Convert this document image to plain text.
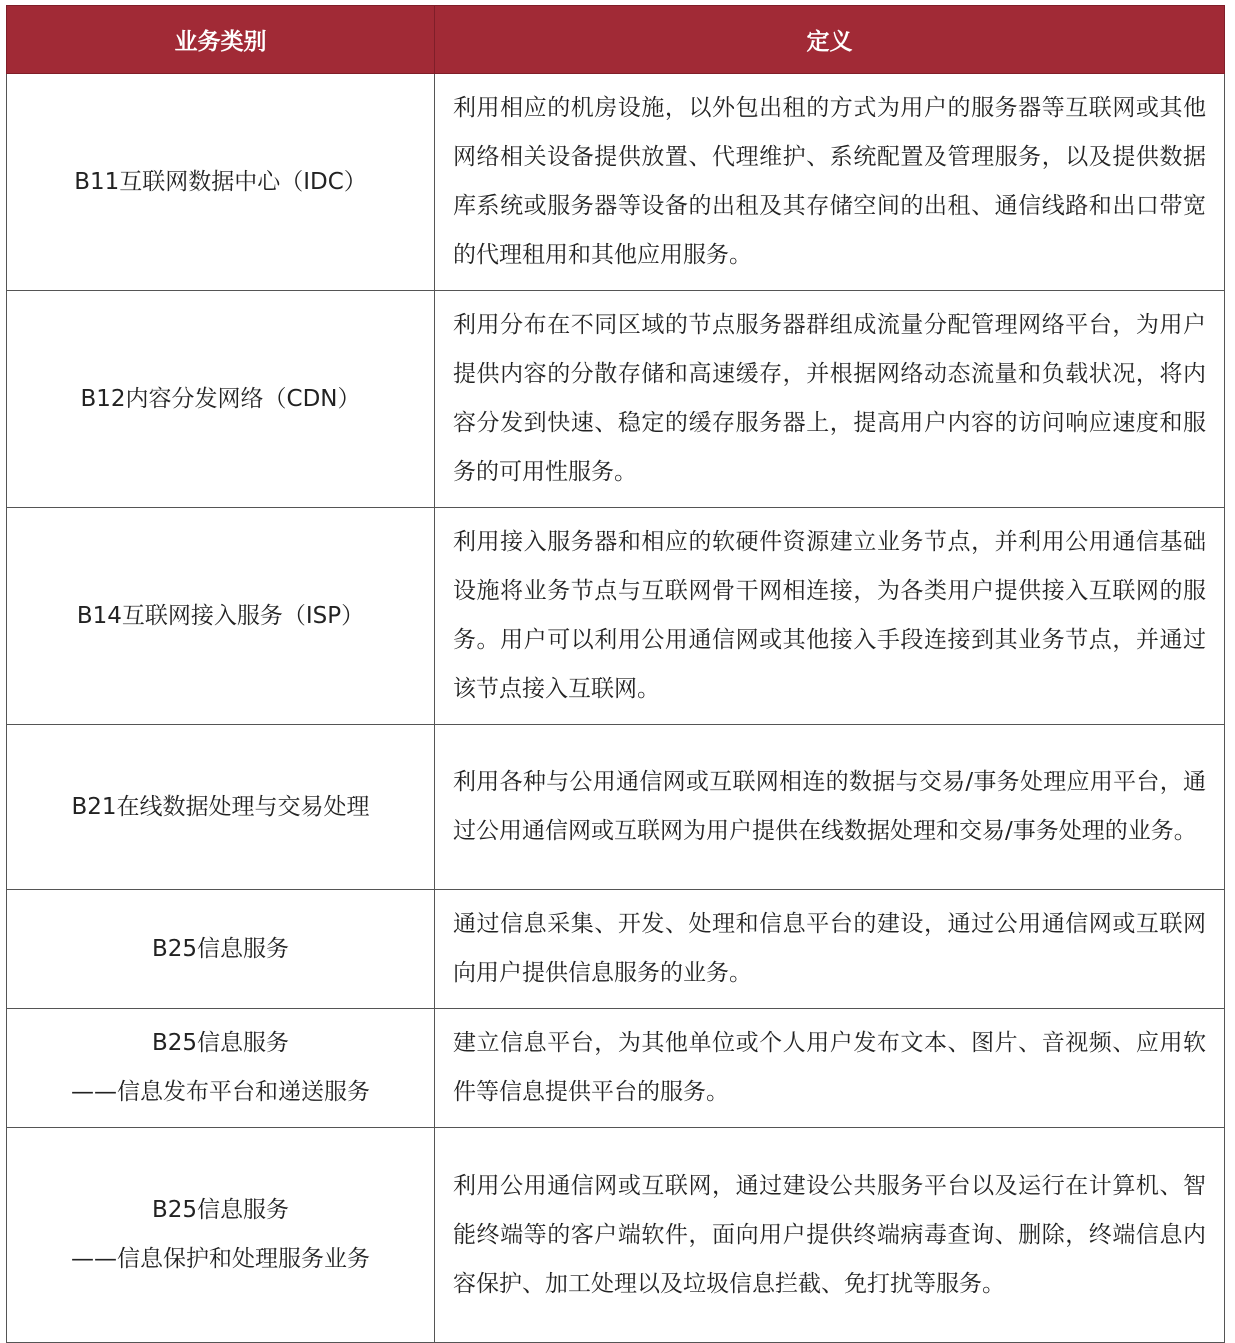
业务类别	定义

B11互联网数据中心（IDC）	利用相应的机房设施，以外包出租的方式为用户的服务器等互联网或其他网络相关设备提供放置、代理维护、系统配置及管理服务，以及提供数据库系统或服务器等设备的出租及其存储空间的出租、通信线路和出口带宽的代理租用和其他应用服务。

B12内容分发网络（CDN）	利用分布在不同区域的节点服务器群组成流量分配管理网络平台，为用户提供内容的分散存储和高速缓存，并根据网络动态流量和负载状况，将内容分发到快速、稳定的缓存服务器上，提高用户内容的访问响应速度和服务的可用性服务。

B14互联网接入服务（ISP）	利用接入服务器和相应的软硬件资源建立业务节点，并利用公用通信基础设施将业务节点与互联网骨干网相连接，为各类用户提供接入互联网的服务。用户可以利用公用通信网或其他接入手段连接到其业务节点，并通过该节点接入互联网。

B21在线数据处理与交易处理	利用各种与公用通信网或互联网相连的数据与交易/事务处理应用平台，通过公用通信网或互联网为用户提供在线数据处理和交易/事务处理的业务。

B25信息服务	通过信息采集、开发、处理和信息平台的建设，通过公用通信网或互联网向用户提供信息服务的业务。

B25信息服务
——信息发布平台和递送服务	建立信息平台，为其他单位或个人用户发布文本、图片、音视频、应用软件等信息提供平台的服务。

B25信息服务
——信息保护和处理服务业务	利用公用通信网或互联网，通过建设公共服务平台以及运行在计算机、智能终端等的客户端软件，面向用户提供终端病毒查询、删除，终端信息内容保护、加工处理以及垃圾信息拦截、免打扰等服务。
